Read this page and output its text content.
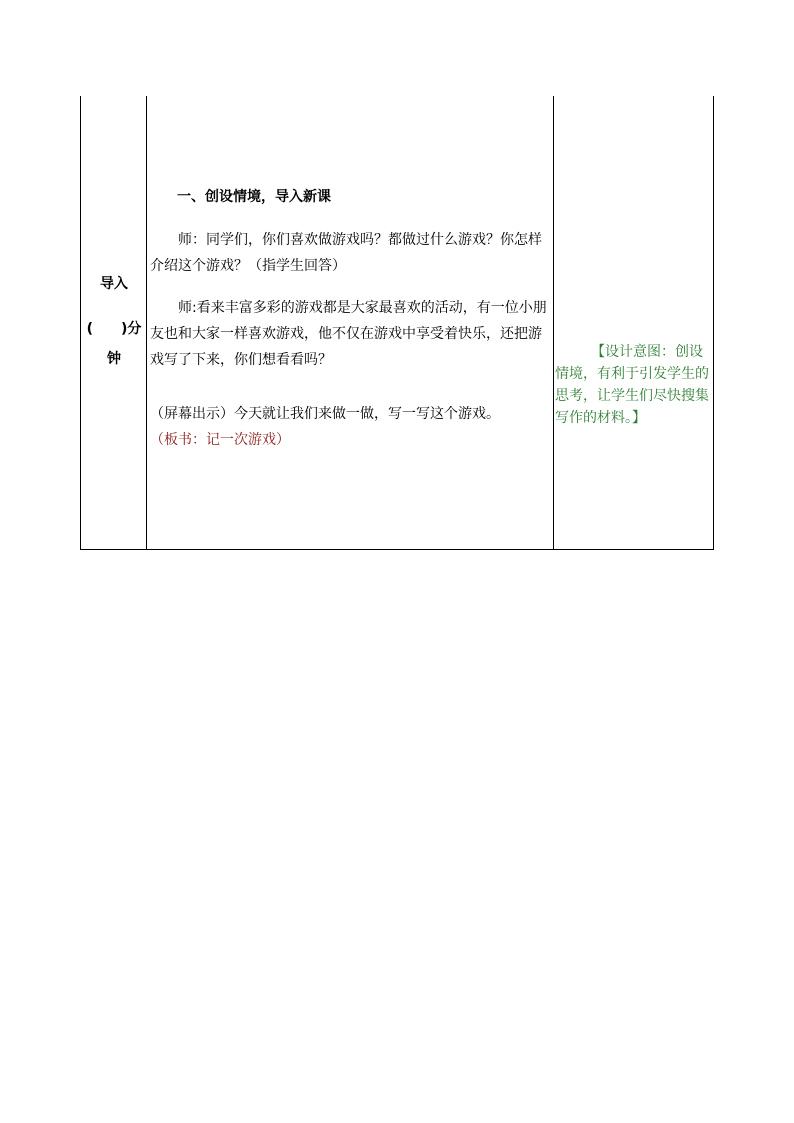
导入
(　　)分钟
一、创设情境，导入新课
师：同学们，你们喜欢做游戏吗？都做过什么游戏？你怎样介绍这个游戏？（指学生回答）
师:看来丰富多彩的游戏都是大家最喜欢的活动，有一位小朋友也和大家一样喜欢游戏，他不仅在游戏中享受着快乐，还把游戏写了下来，你们想看看吗？
（屏幕出示）今天就让我们来做一做，写一写这个游戏。
（板书：记一次游戏）
【设计意图：创设情境，有利于引发学生的思考，让学生们尽快搜集写作的材料。】
